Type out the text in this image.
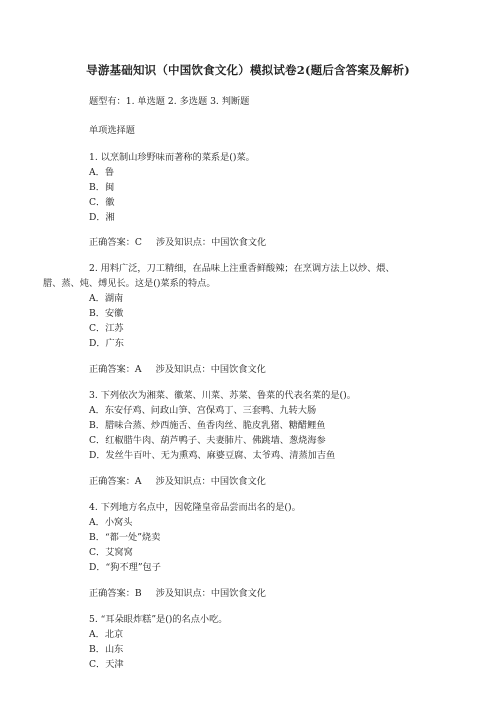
导游基础知识（中国饮食文化）模拟试卷2(题后含答案及解析)
题型有：1. 单选题 2. 多选题 3. 判断题
单项选择题
1. 以烹制山珍野味而著称的菜系是()菜。
A．鲁
B．闽
C．徽
D．湘
正确答案：C 涉及知识点：中国饮食文化
2. 用料广泛，刀工精细，在品味上注重香鲜酸辣；在烹调方法上以炒、煨、
腊、蒸、炖、煿见长。这是()菜系的特点。
A．湖南
B．安徽
C．江苏
D．广东
正确答案：A 涉及知识点：中国饮食文化
3. 下列依次为湘菜、徽菜、川菜、苏菜、鲁菜的代表名菜的是()。
A．东安仔鸡、问政山笋、宫保鸡丁、三套鸭、九转大肠
B．腊味合蒸、炒西施舌、鱼香肉丝、脆皮乳猪、糖醋鲤鱼
C．红椒腊牛肉、葫芦鸭子、夫妻肺片、佛跳墙、葱烧海参
D．发丝牛百叶、无为熏鸡、麻婆豆腐、太爷鸡、清蒸加吉鱼
正确答案：A 涉及知识点：中国饮食文化
4. 下列地方名点中，因乾隆皇帝品尝而出名的是()。
A．小窝头
B．“都一处”烧卖
C．艾窝窝
D．“狗不理”包子
正确答案：B 涉及知识点：中国饮食文化
5. “耳朵眼炸糕”是()的名点小吃。
A．北京
B．山东
C．天津
